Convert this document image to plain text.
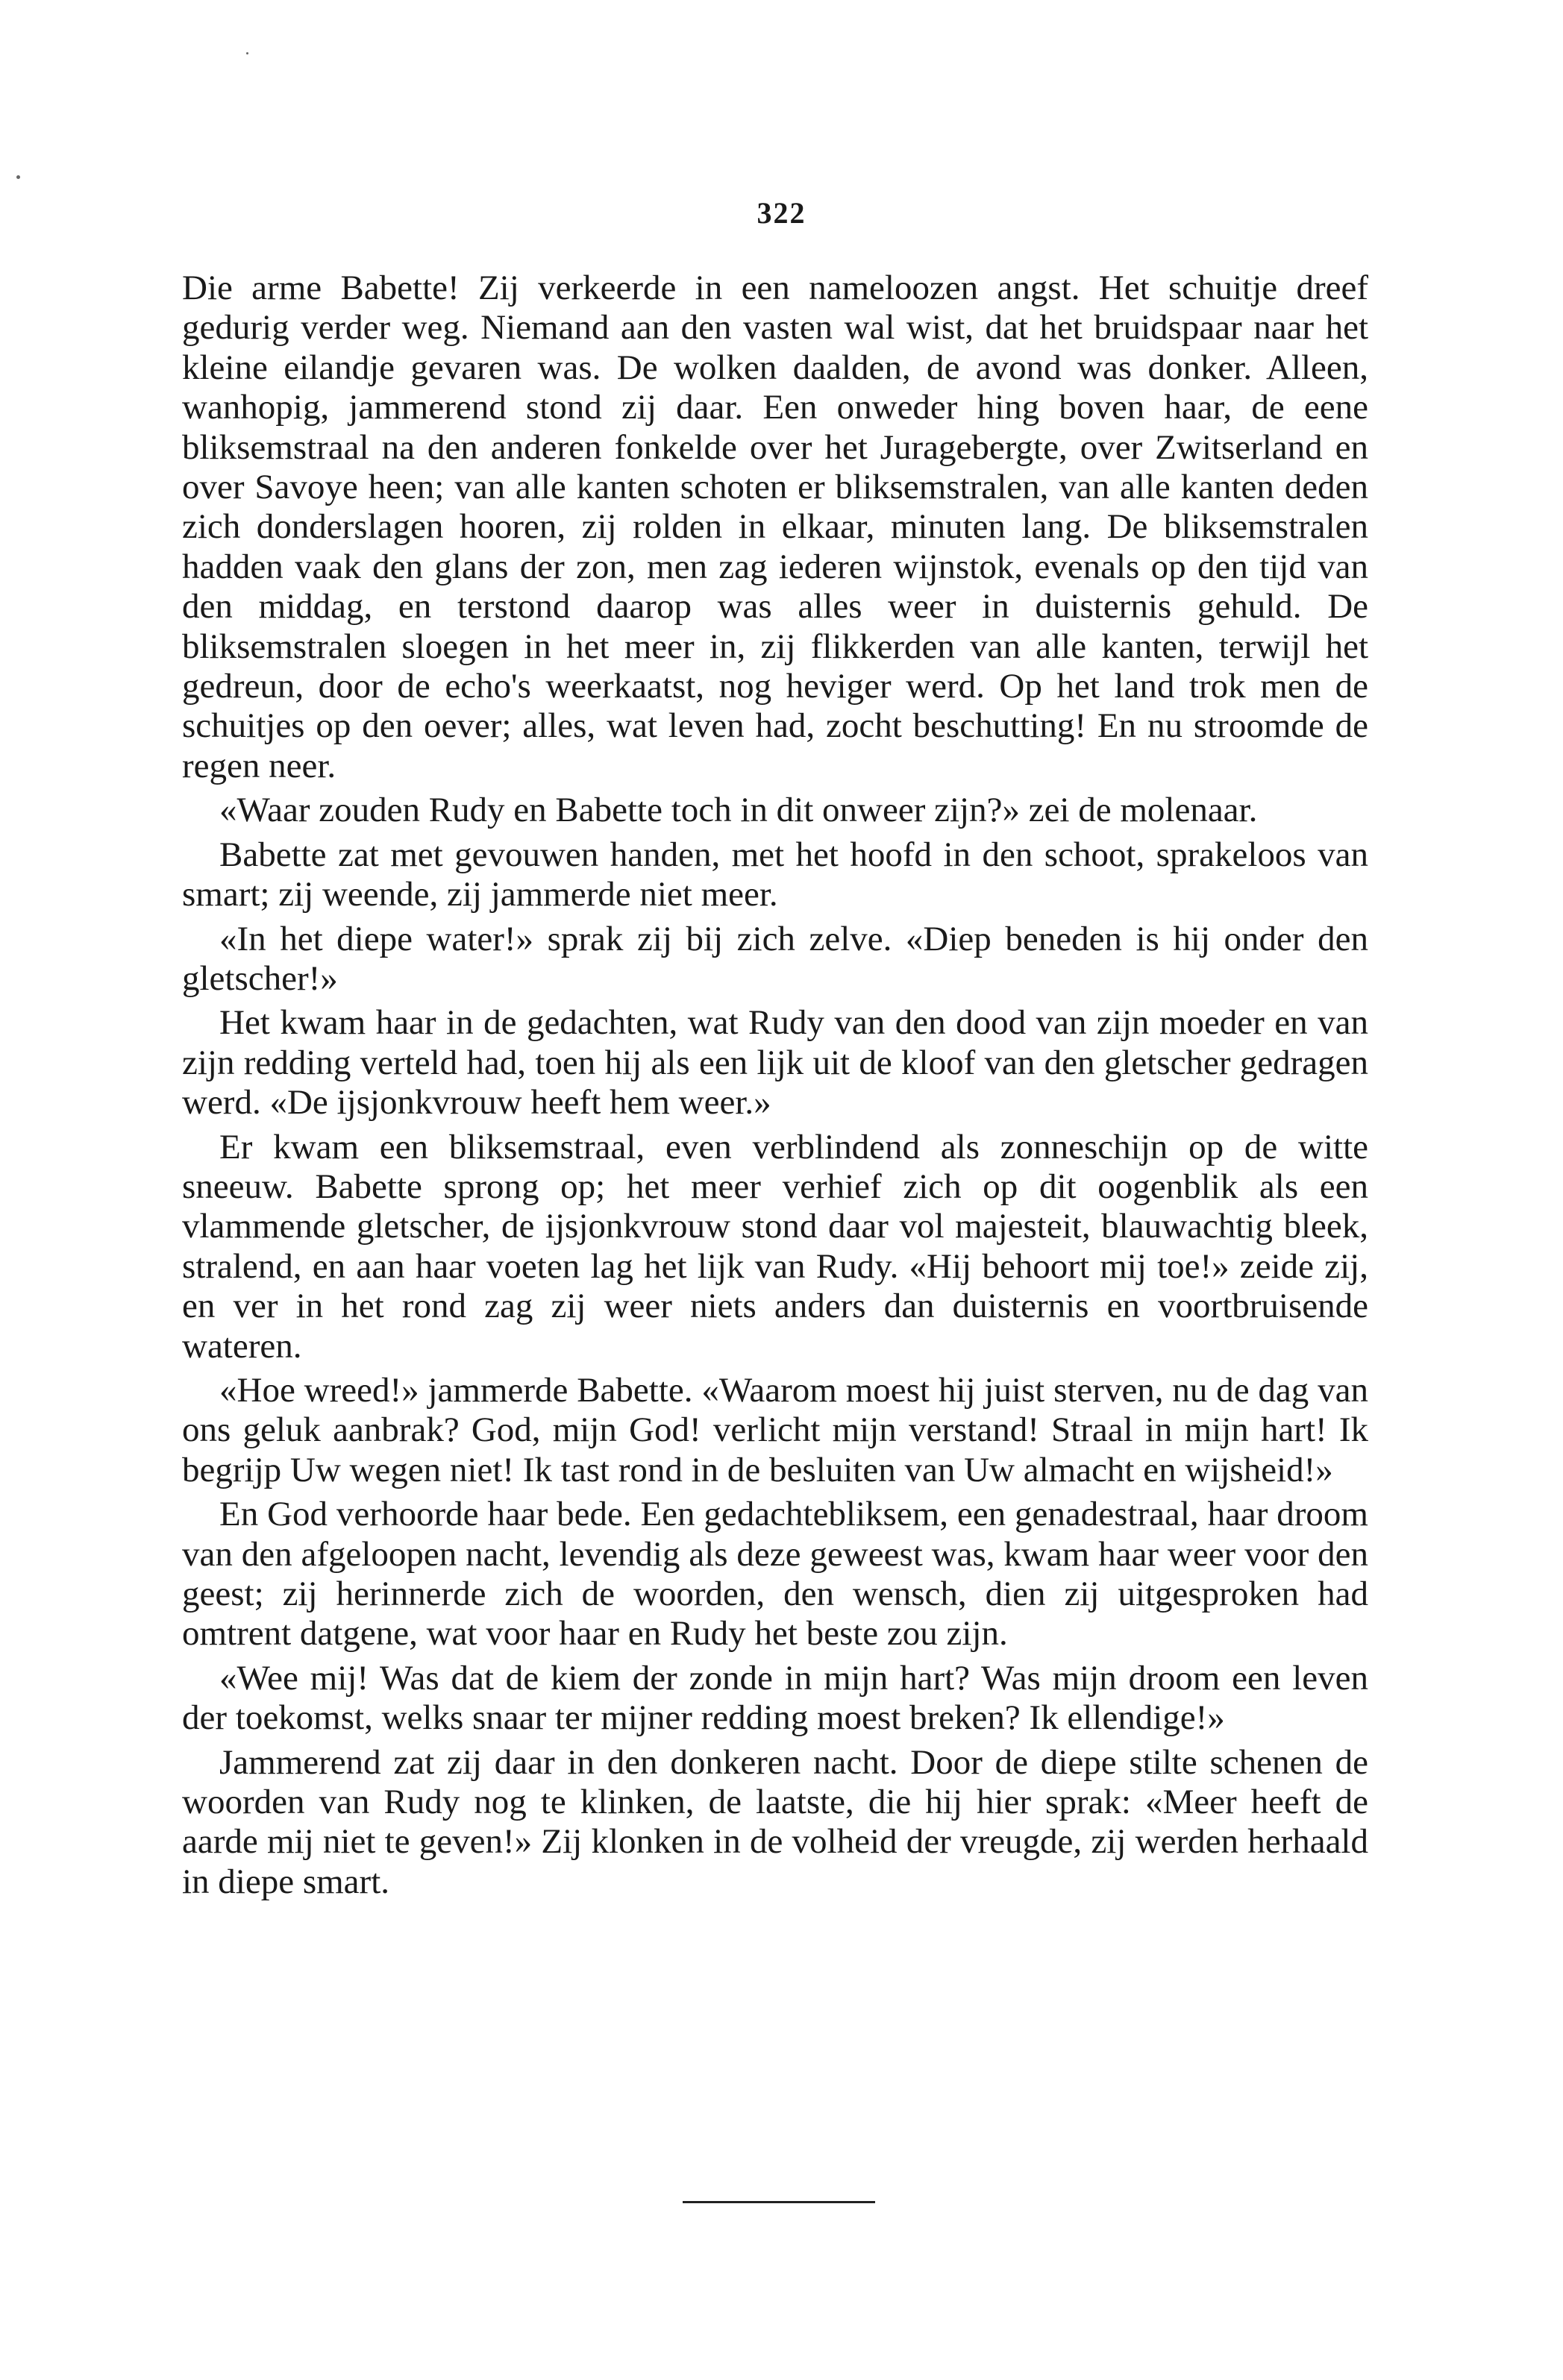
322

Die arme Babette! Zij verkeerde in een nameloozen angst. Het schuitje dreef gedurig verder weg. Niemand aan den vasten wal wist, dat het bruidspaar naar het kleine eilandje gevaren was. De wolken daalden, de avond was donker. Alleen, wanhopig, jammerend stond zij daar. Een onweder hing boven haar, de eene bliksemstraal na den anderen fonkelde over het Juragebergte, over Zwitserland en over Savoye heen; van alle kanten schoten er bliksemstralen, van alle kanten deden zich donderslagen hooren, zij rolden in elkaar, minuten lang. De bliksemstralen hadden vaak den glans der zon, men zag iederen wijnstok, evenals op den tijd van den middag, en terstond daarop was alles weer in duisternis gehuld. De bliksemstralen sloegen in het meer in, zij flikkerden van alle kanten, terwijl het gedreun, door de echo's weerkaatst, nog heviger werd. Op het land trok men de schuitjes op den oever; alles, wat leven had, zocht beschutting! En nu stroomde de regen neer.

«Waar zouden Rudy en Babette toch in dit onweer zijn?» zei de molenaar.

Babette zat met gevouwen handen, met het hoofd in den schoot, sprakeloos van smart; zij weende, zij jammerde niet meer.

«In het diepe water!» sprak zij bij zich zelve. «Diep beneden is hij onder den gletscher!»

Het kwam haar in de gedachten, wat Rudy van den dood van zijn moeder en van zijn redding verteld had, toen hij als een lijk uit de kloof van den gletscher gedragen werd. «De ijsjonkvrouw heeft hem weer.»

Er kwam een bliksemstraal, even verblindend als zonneschijn op de witte sneeuw. Babette sprong op; het meer verhief zich op dit oogenblik als een vlammende gletscher, de ijsjonkvrouw stond daar vol majesteit, blauwachtig bleek, stralend, en aan haar voeten lag het lijk van Rudy. «Hij behoort mij toe!» zeide zij, en ver in het rond zag zij weer niets anders dan duisternis en voortbruisende wateren.

«Hoe wreed!» jammerde Babette. «Waarom moest hij juist sterven, nu de dag van ons geluk aanbrak? God, mijn God! verlicht mijn verstand! Straal in mijn hart! Ik begrijp Uw wegen niet! Ik tast rond in de besluiten van Uw almacht en wijsheid!»

En God verhoorde haar bede. Een gedachtebliksem, een genadestraal, haar droom van den afgeloopen nacht, levendig als deze geweest was, kwam haar weer voor den geest; zij herinnerde zich de woorden, den wensch, dien zij uitgesproken had omtrent datgene, wat voor haar en Rudy het beste zou zijn.

«Wee mij! Was dat de kiem der zonde in mijn hart? Was mijn droom een leven der toekomst, welks snaar ter mijner redding moest breken? Ik ellendige!»

Jammerend zat zij daar in den donkeren nacht. Door de diepe stilte schenen de woorden van Rudy nog te klinken, de laatste, die hij hier sprak: «Meer heeft de aarde mij niet te geven!» Zij klonken in de volheid der vreugde, zij werden herhaald in diepe smart.
